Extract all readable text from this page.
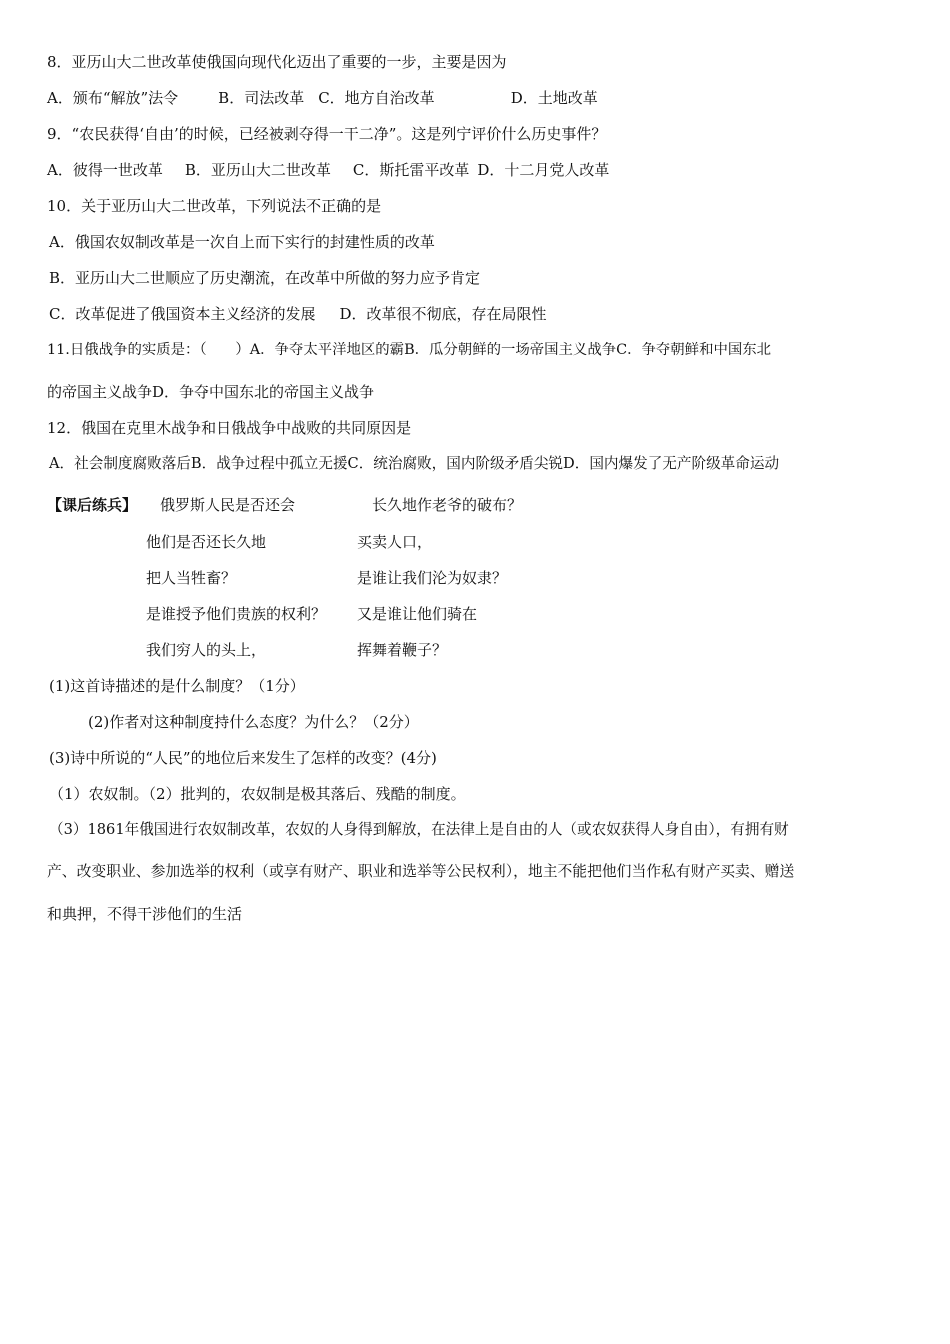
8．亚历山大二世改革使俄国向现代化迈出了重要的一步，主要是因为
A．颁布“解放”法令	B．司法改革 C．地方自治改革	D．土地改革
9．“农民获得‘自由’的时候，已经被剥夺得一干二净”。这是列宁评价什么历史事件？
A．彼得一世改革 B．亚历山大二世改革 C．斯托雷平改革 D．十二月党人改革
10．关于亚历山大二世改革，下列说法不正确的是
A．俄国农奴制改革是一次自上而下实行的封建性质的改革
B．亚历山大二世顺应了历史潮流，在改革中所做的努力应予肯定
C．改革促进了俄国资本主义经济的发展 D．改革很不彻底，存在局限性
11.日俄战争的实质是：（　　）A．争夺太平洋地区的霸B．瓜分朝鲜的一场帝国主义战争C．争夺朝鲜和中国东北
的帝国主义战争D．争夺中国东北的帝国主义战争
12．俄国在克里木战争和日俄战争中战败的共同原因是
A．社会制度腐败落后B．战争过程中孤立无援C．统治腐败，国内阶级矛盾尖锐D．国内爆发了无产阶级革命运动
【课后练兵】 俄罗斯人民是否还会	长久地作老爷的破布？
他们是否还长久地	买卖人口，
把人当牲畜？	是谁让我们沦为奴隶？
是谁授予他们贵族的权利？ 又是谁让他们骑在
我们穷人的头上，	挥舞着鞭子？
(1)这首诗描述的是什么制度？（1分）
(2)作者对这种制度持什么态度？为什么？（2分）
(3)诗中所说的“人民”的地位后来发生了怎样的改变？(4分)
（1）农奴制。（2）批判的，农奴制是极其落后、残酷的制度。
（3）1861年俄国进行农奴制改革，农奴的人身得到解放，在法律上是自由的人（或农奴获得人身自由），有拥有财
产、改变职业、参加选举的权利（或享有财产、职业和选举等公民权利），地主不能把他们当作私有财产买卖、赠送
和典押，不得干涉他们的生活
